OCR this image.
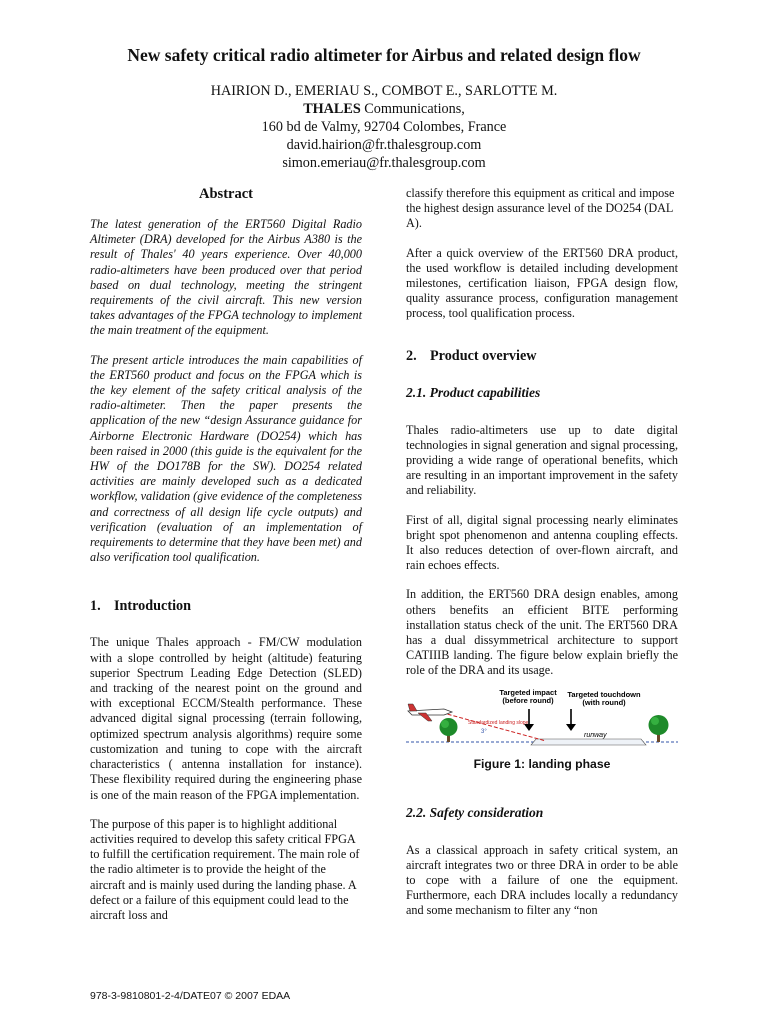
New safety critical radio altimeter for Airbus and related design flow
HAIRION D., EMERIAU S., COMBOT E., SARLOTTE M.
THALES Communications,
160 bd de Valmy, 92704 Colombes, France
david.hairion@fr.thalesgroup.com
simon.emeriau@fr.thalesgroup.com
Abstract

The latest generation of the ERT560 Digital Radio Altimeter (DRA) developed for the Airbus A380 is the result of Thales' 40 years experience. Over 40,000 radio-altimeters have been produced over that period based on dual technology, meeting the stringent requirements of the civil aircraft. This new version takes advantages of the FPGA technology to implement the main treatment of the equipment.

The present article introduces the main capabilities of the ERT560 product and focus on the FPGA which is the key element of the safety critical analysis of the radio-altimeter. Then the paper presents the application of the new “design Assurance guidance for Airborne Electronic Hardware (DO254) which has been raised in 2000 (this guide is the equivalent for the HW of the DO178B for the SW). DO254 related activities are mainly developed such as a dedicated workflow, validation (give evidence of the completeness and correctness of all design life cycle outputs) and verification (evaluation of an implementation of requirements to determine that they have been met) and also verification tool qualification.

1. Introduction

The unique Thales approach - FM/CW modulation with a slope controlled by height (altitude) featuring superior Spectrum Leading Edge Detection (SLED) and tracking of the nearest point on the ground and with exceptional ECCM/Stealth performance. These advanced digital signal processing (terrain following, optimized spectrum analysis algorithms) require some customization and tuning to cope with the aircraft characteristics ( antenna installation for instance). These flexibility required during the engineering phase is one of the main reason of the FPGA implementation.

The purpose of this paper is to highlight additional activities required to develop this safety critical FPGA to fulfill the certification requirement. The main role of the radio altimeter is to provide the height of the aircraft and is mainly used during the landing phase. A defect or a failure of this equipment could lead to the aircraft loss and

classify therefore this equipment as critical and impose the highest design assurance level of the DO254 (DAL A).

After a quick overview of the ERT560 DRA product, the used workflow is detailed including development milestones, certification liaison, FPGA design flow, quality assurance process, configuration management process, tool qualification process.

2. Product overview
2.1. Product capabilities

Thales radio-altimeters use up to date digital technologies in signal generation and signal processing, providing a wide range of operational benefits, which are resulting in an important improvement in the safety and reliability.

First of all, digital signal processing nearly eliminates bright spot phenomenon and antenna coupling effects. It also reduces detection of over-flown aircraft, and rain echoes effects.

In addition, the ERT560 DRA design enables, among others benefits an efficient BITE performing installation status check of the unit. The ERT560 DRA has a dual dissymmetrical architecture to support CATIIIB landing. The figure below explain briefly the role of the DRA and its usage.

Targeted impact
(before round)
Targeted touchdown
(with round)
Standardized landing slope
3°	runway
Figure 1: landing phase
2.2. Safety consideration

As a classical approach in safety critical system, an aircraft integrates two or three DRA in order to be able to cope with a failure of one the equipment. Furthermore, each DRA includes locally a redundancy and some mechanism to filter any “non

978-3-9810801-2-4/DATE07 © 2007 EDAA
